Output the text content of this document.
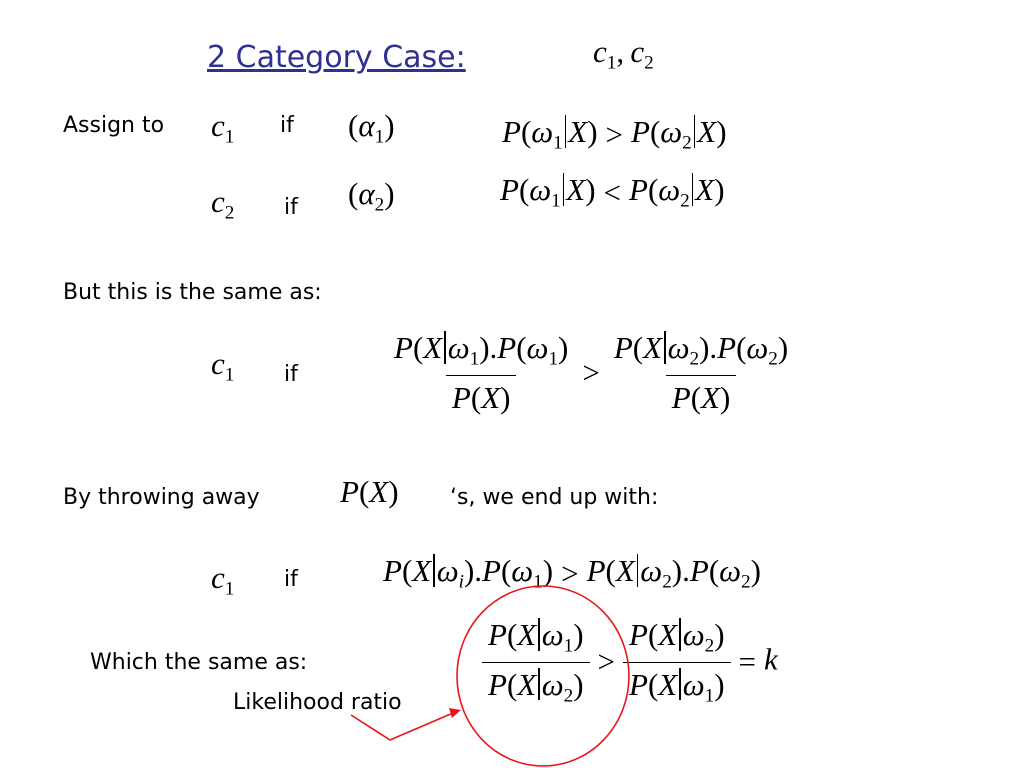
2 Category Case:	$c_1$,  $c_2$
Assign to $c_1$ if $(\alpha_1)$	$P(\omega_1$ $X) > P(\omega_2$ X)
$c_2$ if $(\alpha_2)$	$P(\omega_1$ $X) < P(\omega_2$ X)
But this is the same as:
$c_1$ if	$\frac{P(X \omega_1).P(\omega_1)}{P(X)} > \frac{P(X \omega_2).P(\omega_2)}{P(X)}$
By throwing away	P(X) ‘s, we end up with:
$c_1$ if	P(X $\omega_i).P(\omega_1) > P(X$ $\omega_2).P(\omega_2)$
Which the same as:
Likelihood ratio	$\frac{P(X \omega_1)}{P(X \omega_2)} > \frac{P(X \omega_2)}{P(X \omega_1)} = k$
